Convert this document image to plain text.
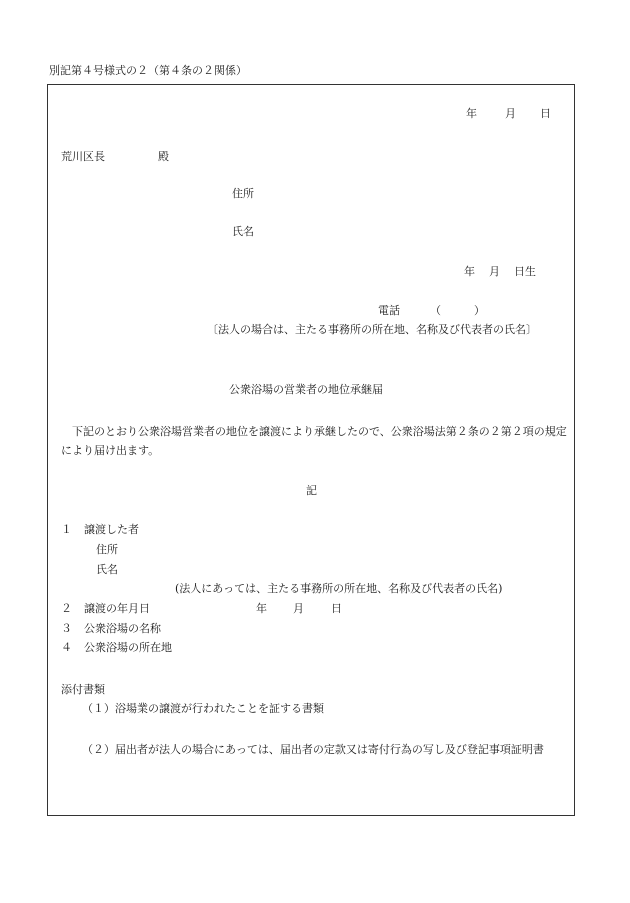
別記第４号様式の２（第４条の２関係）
年	月 日
荒川区長	殿
住所
氏名
年 月 日生
電話	（	）
〔法人の場合は、主たる事務所の所在地、名称及び代表者の氏名〕
公衆浴場の営業者の地位承継届
下記のとおり公衆浴場営業者の地位を譲渡により承継したので、公衆浴場法第２条の２第２項の規定により届け出ます。
記
１ 譲渡した者
住所
氏名
(法人にあっては、主たる事務所の所在地、名称及び代表者の氏名)
２ 譲渡の年月日	年 月 日
３ 公衆浴場の名称
４ 公衆浴場の所在地
添付書類
（１）浴場業の譲渡が行われたことを証する書類
（２）届出者が法人の場合にあっては、届出者の定款又は寄付行為の写し及び登記事項証明書
